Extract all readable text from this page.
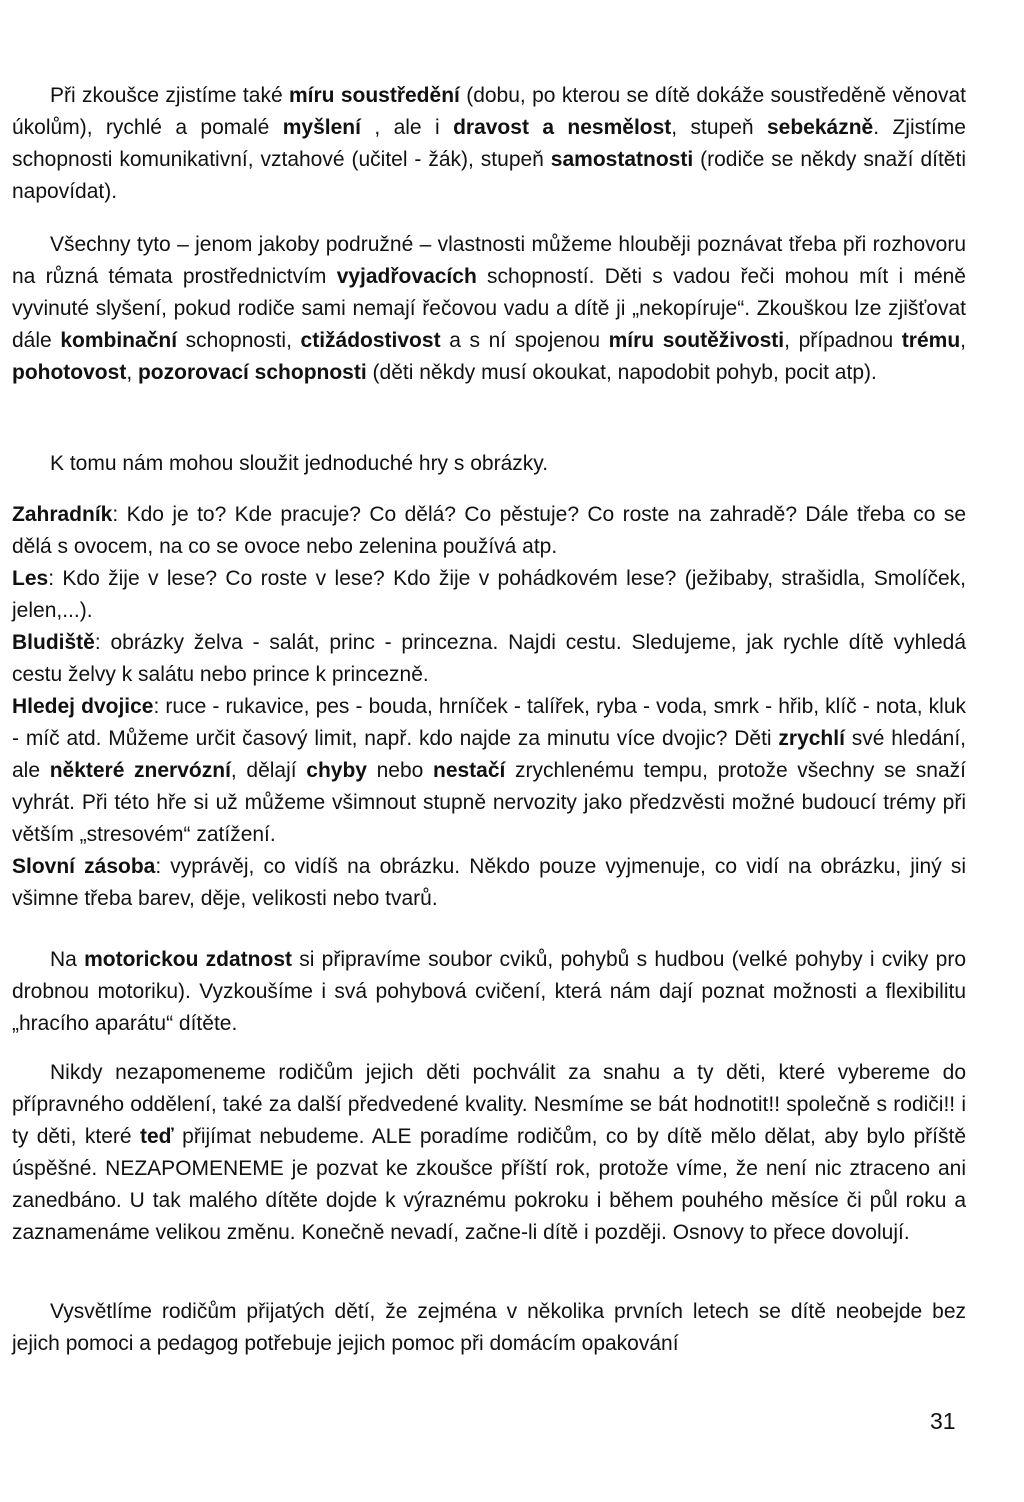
Při zkoušce zjistíme také míru soustředění (dobu, po kterou se dítě dokáže soustředěně věnovat úkolům), rychlé a pomalé myšlení , ale i dravost a nesmělost, stupeň sebekázně. Zjistíme schopnosti komunikativní, vztahové (učitel - žák), stupeň samostatnosti (rodiče se někdy snaží dítěti napovídat).

Všechny tyto – jenom jakoby podružné – vlastnosti můžeme hlouběji poznávat třeba při rozhovoru na různá témata prostřednictvím vyjadřovacích schopností. Děti s vadou řeči mohou mít i méně vyvinuté slyšení, pokud rodiče sami nemají řečovou vadu a dítě ji „nekopíruje“. Zkouškou lze zjišťovat dále kombinační schopnosti, ctižádostivost a s ní spojenou míru soutěživosti, případnou trému, pohotovost, pozorovací schopnosti (děti někdy musí okoukat, napodobit pohyb, pocit atp).

K tomu nám mohou sloužit jednoduché hry s obrázky.

Zahradník: Kdo je to? Kde pracuje? Co dělá? Co pěstuje? Co roste na zahradě? Dále třeba co se dělá s ovocem, na co se ovoce nebo zelenina používá atp.

Les: Kdo žije v lese? Co roste v lese? Kdo žije v pohádkovém lese? (ježibaby, strašidla, Smolíček, jelen,...).

Bludiště: obrázky želva - salát, princ - princezna. Najdi cestu. Sledujeme, jak rychle dítě vyhledá cestu želvy k salátu nebo prince k princezně.

Hledej dvojice: ruce - rukavice, pes - bouda, hrníček - talířek, ryba - voda, smrk - hřib, klíč - nota, kluk - míč atd. Můžeme určit časový limit, např. kdo najde za minutu více dvojic? Děti zrychlí své hledání, ale některé znervózní, dělají chyby nebo nestačí zrychlenému tempu, protože všechny se snaží vyhrát. Při této hře si už můžeme všimnout stupně nervozity jako předzvěsti možné budoucí trémy při větším „stresovém“ zatížení.

Slovní zásoba: vyprávěj, co vidíš na obrázku. Někdo pouze vyjmenuje, co vidí na obrázku, jiný si všimne třeba barev, děje, velikosti nebo tvarů.

Na motorickou zdatnost si připravíme soubor cviků, pohybů s hudbou (velké pohyby i cviky pro drobnou motoriku). Vyzkoušíme i svá pohybová cvičení, která nám dají poznat možnosti a flexibilitu „hracího aparátu“ dítěte.

Nikdy nezapomeneme rodičům jejich děti pochválit za snahu a ty děti, které vybereme do přípravného oddělení, také za další předvedené kvality. Nesmíme se bát hodnotit!! společně s rodiči!! i ty děti, které teď přijímat nebudeme. ALE poradíme rodičům, co by dítě mělo dělat, aby bylo příště úspěšné. NEZAPOMENEME je pozvat ke zkoušce příští rok, protože víme, že není nic ztraceno ani zanedbáno. U tak malého dítěte dojde k výraznému pokroku i během pouhého měsíce či půl roku a zaznamenáme velikou změnu. Konečně nevadí, začne-li dítě i později. Osnovy to přece dovolují.

Vysvětlíme rodičům přijatých dětí, že zejména v několika prvních letech se dítě neobejde bez jejich pomoci a pedagog potřebuje jejich pomoc při domácím opakování

31
